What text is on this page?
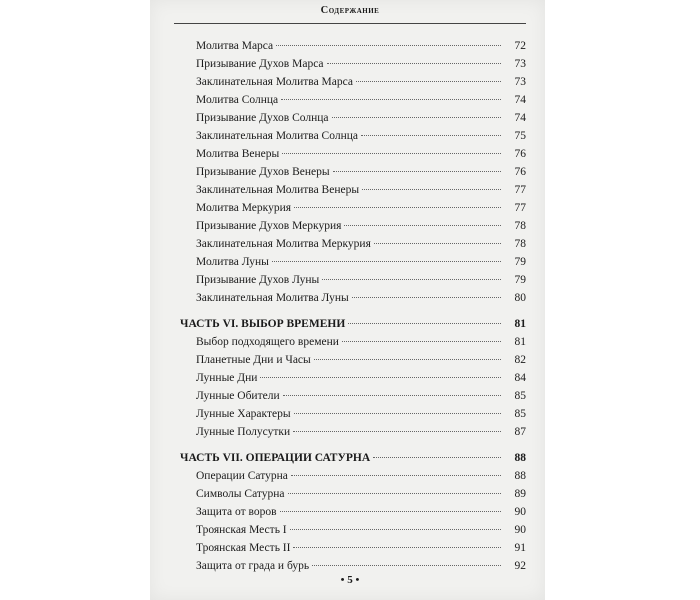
Содержание
Молитва Марса	72
Призывание Духов Марса	73
Заклинательная Молитва Марса	73
Молитва Солнца	74
Призывание Духов Солнца	74
Заклинательная Молитва Солнца	75
Молитва Венеры	76
Призывание Духов Венеры	76
Заклинательная Молитва Венеры	77
Молитва Меркурия	77
Призывание Духов Меркурия	78
Заклинательная Молитва Меркурия	78
Молитва Луны	79
Призывание Духов Луны	79
Заклинательная Молитва Луны	80
ЧАСТЬ VI. ВЫБОР ВРЕМЕНИ	81
Выбор подходящего времени	81
Планетные Дни и Часы	82
Лунные Дни	84
Лунные Обители	85
Лунные Характеры	85
Лунные Полусутки	87
ЧАСТЬ VII. ОПЕРАЦИИ САТУРНА	88
Операции Сатурна	88
Символы Сатурна	89
Защита от воров	90
Троянская Месть I	90
Троянская Месть II	91
Защита от града и бурь	92
• 5 •
